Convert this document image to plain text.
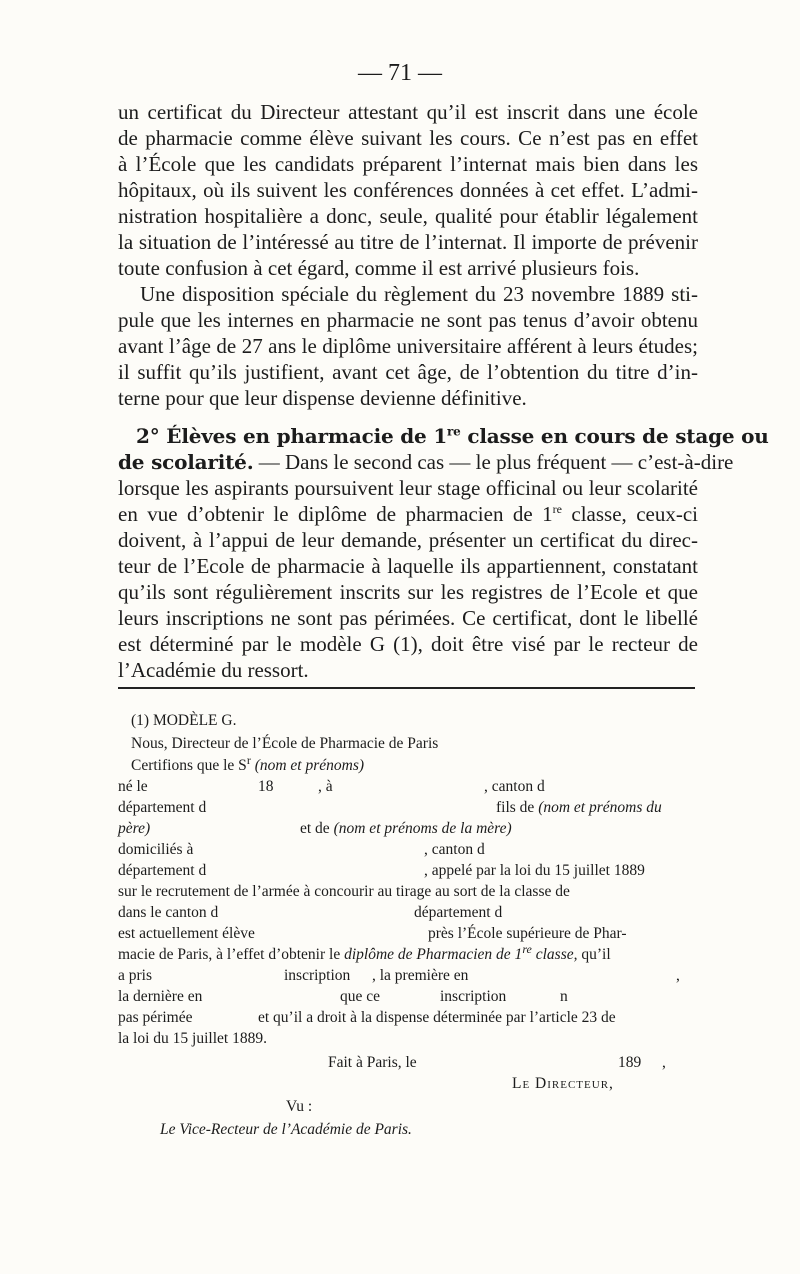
— 71 —
un certificat du Directeur attestant qu’il est inscrit dans une école
de pharmacie comme élève suivant les cours. Ce n’est pas en effet
à l’École que les candidats préparent l’internat mais bien dans les
hôpitaux, où ils suivent les conférences données à cet effet. L’admi-
nistration hospitalière a donc, seule, qualité pour établir légalement
la situation de l’intéressé au titre de l’internat. Il importe de prévenir
toute confusion à cet égard, comme il est arrivé plusieurs fois.
Une disposition spéciale du règlement du 23 novembre 1889 sti-
pule que les internes en pharmacie ne sont pas tenus d’avoir obtenu
avant l’âge de 27 ans le diplôme universitaire afférent à leurs études;
il suffit qu’ils justifient, avant cet âge, de l’obtention du titre d’in-
terne pour que leur dispense devienne définitive.
2° Élèves en pharmacie de 1re classe en cours de stage ou
de scolarité. — Dans le second cas — le plus fréquent — c’est-à-dire
lorsque les aspirants poursuivent leur stage officinal ou leur scolarité
en vue d’obtenir le diplôme de pharmacien de 1re classe, ceux-ci
doivent, à l’appui de leur demande, présenter un certificat du direc-
teur de l’Ecole de pharmacie à laquelle ils appartiennent, constatant
qu’ils sont régulièrement inscrits sur les registres de l’Ecole et que
leurs inscriptions ne sont pas périmées. Ce certificat, dont le libellé
est déterminé par le modèle G (1), doit être visé par le recteur de
l’Académie du ressort.
(1) MODÈLE G.
Nous, Directeur de l’École de Pharmacie de Paris
Certifions que le $S^r$ (nom et prénoms)
né le	18	, à	, canton d
département d	fils de (nom et prénoms du
père)	et de (nom et prénoms de la mère)
domiciliés à	, canton d
département d	, appelé par la loi du 15 juillet 1889
sur le recrutement de l’armée à concourir au tirage au sort de la classe de
dans le canton d	département d
est actuellement élève	près l’École supérieure de Phar-
macie de Paris, à l’effet d’obtenir le diplôme de Pharmacien de 1re classe, qu’il
a pris	inscription , la première en	,
la dernière en	que ce	inscription	n
pas périmée	et qu’il a droit à la dispense déterminée par l’article 23 de
la loi du 15 juillet 1889.
Fait à Paris, le	189 ,
Le Directeur,
Vu :
Le Vice-Recteur de l’Académie de Paris.
